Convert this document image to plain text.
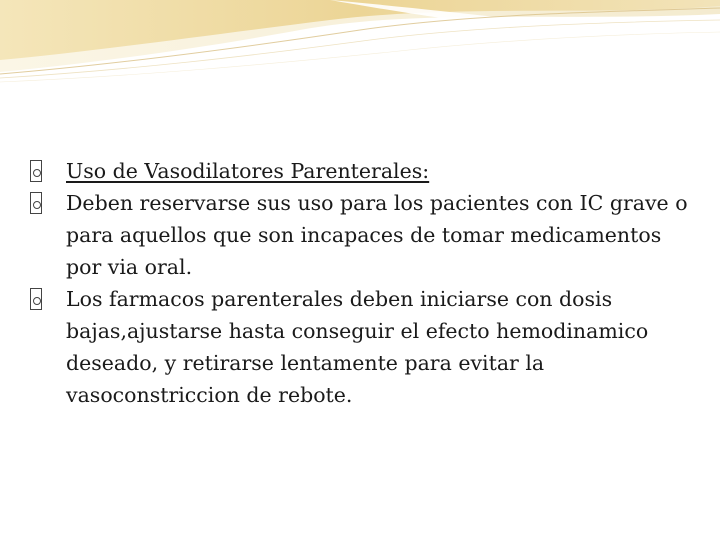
Uso de Vasodilatores Parenterales:
Deben reservarse sus uso para los pacientes con IC grave o para aquellos que son incapaces de tomar medicamentos por via oral.
Los farmacos parenterales deben iniciarse con dosis bajas,ajustarse hasta conseguir el efecto hemodinamico deseado, y retirarse lentamente para evitar la vasoconstriccion de rebote.
